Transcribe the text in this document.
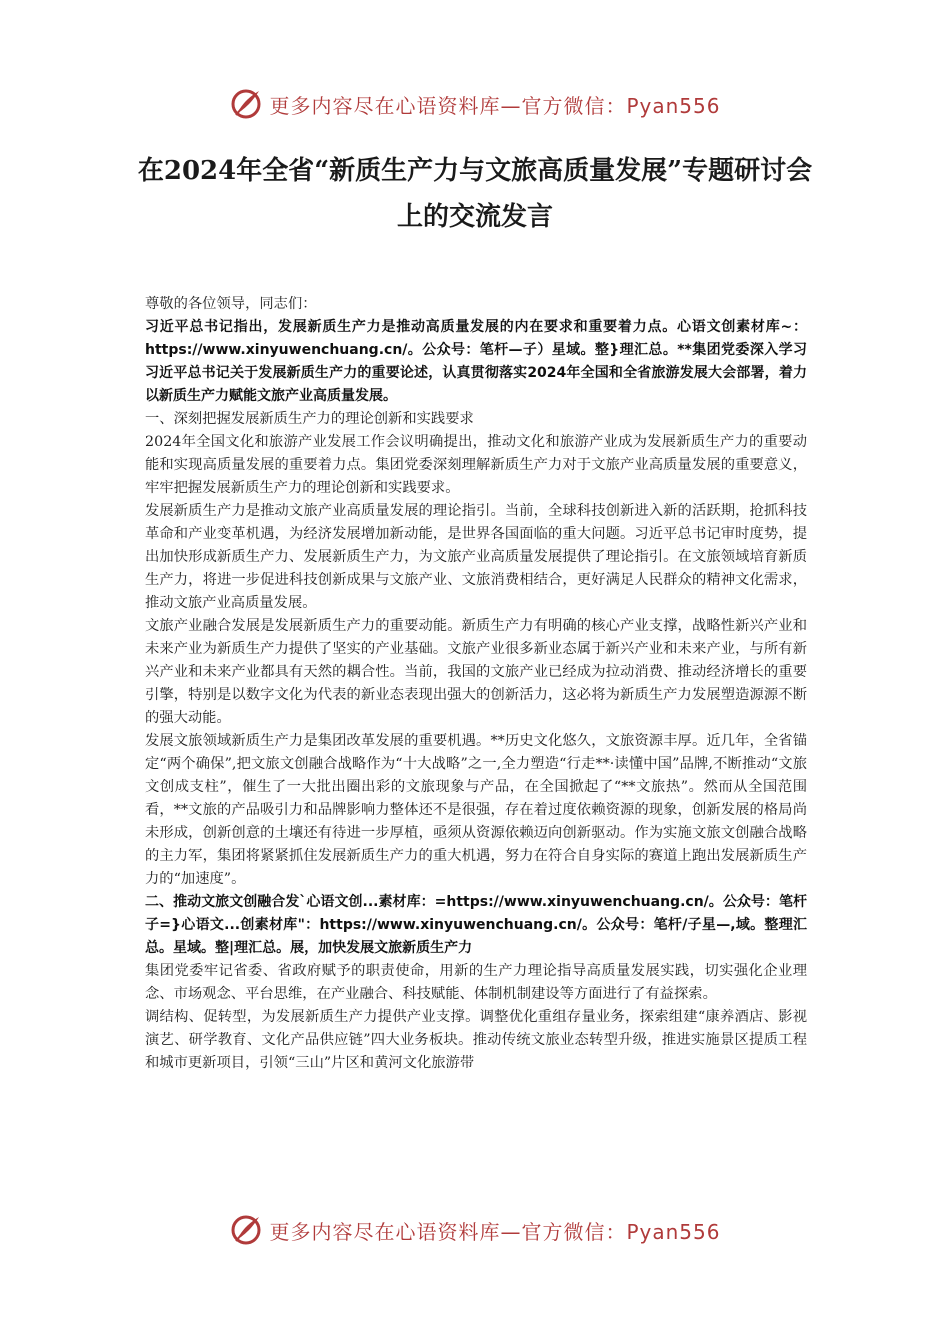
更多内容尽在心语资料库—官方微信：Pyan556
在2024年全省“新质生产力与文旅高质量发展”专题研讨会上的交流发言

尊敬的各位领导，同志们：

习近平总书记指出，发展新质生产力是推动高质量发展的内在要求和重要着力点。心语文创素材库~：https://www.xinyuwenchuang.cn/。公众号：笔杆—子）星域。整}理汇总。**集团党委深入学习习近平总书记关于发展新质生产力的重要论述，认真贯彻落实2024年全国和全省旅游发展大会部署，着力以新质生产力赋能文旅产业高质量发展。

一、深刻把握发展新质生产力的理论创新和实践要求

2024年全国文化和旅游产业发展工作会议明确提出，推动文化和旅游产业成为发展新质生产力的重要动能和实现高质量发展的重要着力点。集团党委深刻理解新质生产力对于文旅产业高质量发展的重要意义，牢牢把握发展新质生产力的理论创新和实践要求。

发展新质生产力是推动文旅产业高质量发展的理论指引。当前，全球科技创新进入新的活跃期，抢抓科技革命和产业变革机遇，为经济发展增加新动能，是世界各国面临的重大问题。习近平总书记审时度势，提出加快形成新质生产力、发展新质生产力，为文旅产业高质量发展提供了理论指引。在文旅领域培育新质生产力，将进一步促进科技创新成果与文旅产业、文旅消费相结合，更好满足人民群众的精神文化需求，推动文旅产业高质量发展。

文旅产业融合发展是发展新质生产力的重要动能。新质生产力有明确的核心产业支撑，战略性新兴产业和未来产业为新质生产力提供了坚实的产业基础。文旅产业很多新业态属于新兴产业和未来产业，与所有新兴产业和未来产业都具有天然的耦合性。当前，我国的文旅产业已经成为拉动消费、推动经济增长的重要引擎，特别是以数字文化为代表的新业态表现出强大的创新活力，这必将为新质生产力发展塑造源源不断的强大动能。

发展文旅领域新质生产力是集团改革发展的重要机遇。**历史文化悠久，文旅资源丰厚。近几年，全省锚定“两个确保”,把文旅文创融合战略作为“十大战略”之一,全力塑造“行走**·读懂中国”品牌,不断推动“文旅文创成支柱”，催生了一大批出圈出彩的文旅现象与产品，在全国掀起了“**文旅热”。然而从全国范围看，**文旅的产品吸引力和品牌影响力整体还不是很强，存在着过度依赖资源的现象，创新发展的格局尚未形成，创新创意的土壤还有待进一步厚植，亟须从资源依赖迈向创新驱动。作为实施文旅文创融合战略的主力军，集团将紧紧抓住发展新质生产力的重大机遇，努力在符合自身实际的赛道上跑出发展新质生产力的“加速度”。

二、推动文旅文创融合发`心语文创...素材库：=https://www.xinyuwenchuang.cn/。公众号：笔杆子=}心语文...创素材库"：https://www.xinyuwenchuang.cn/。公众号：笔杆/子星—,域。整理汇总。星域。整|理汇总。展，加快发展文旅新质生产力

集团党委牢记省委、省政府赋予的职责使命，用新的生产力理论指导高质量发展实践，切实强化企业理念、市场观念、平台思维，在产业融合、科技赋能、体制机制建设等方面进行了有益探索。

调结构、促转型，为发展新质生产力提供产业支撑。调整优化重组存量业务，探索组建“康养酒店、影视演艺、研学教育、文化产品供应链”四大业务板块。推动传统文旅业态转型升级，推进实施景区提质工程和城市更新项目，引领“三山”片区和黄河文化旅游带

更多内容尽在心语资料库—官方微信：Pyan556
